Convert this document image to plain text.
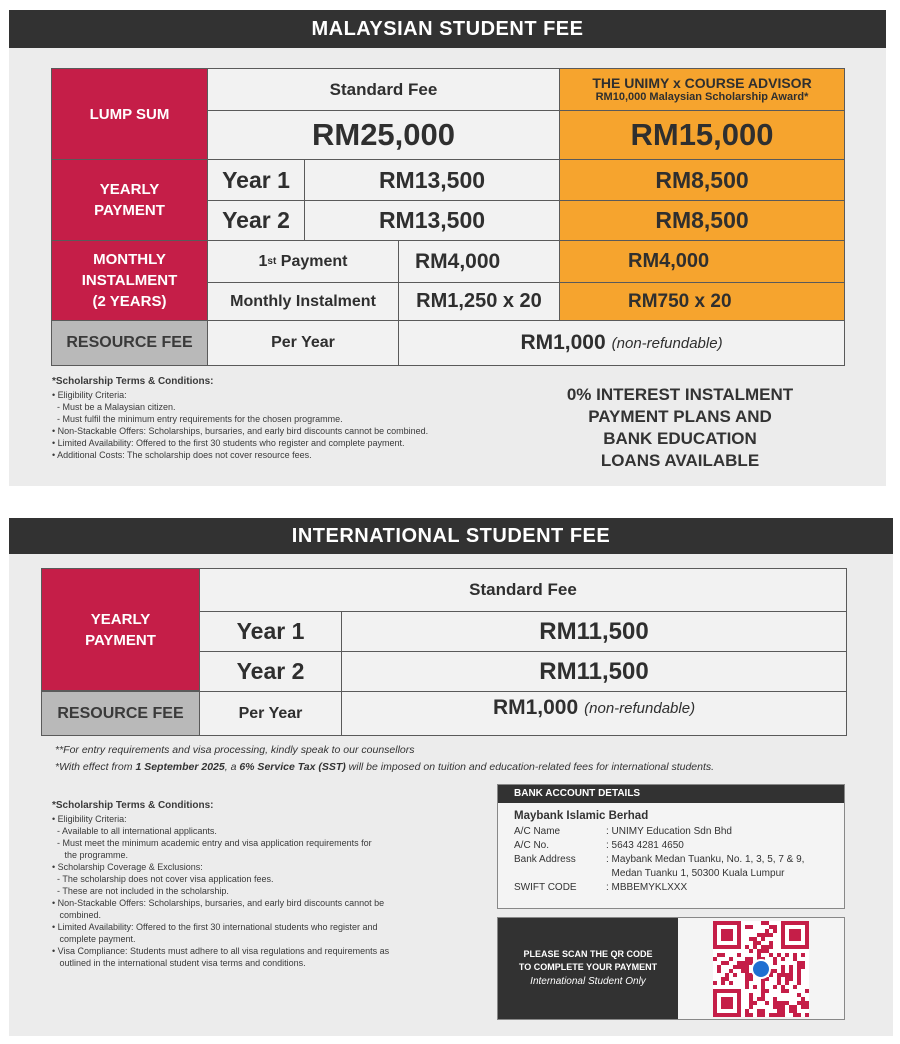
MALAYSIAN STUDENT FEE
LUMP SUM
Standard Fee	THE UNIMY x COURSE ADVISOR
RM10,000 Malaysian Scholarship Award*
RM25,000	RM15,000
YEARLY
PAYMENT
Year 1	RM13,500	RM8,500
Year 2	RM13,500	RM8,500
MONTHLY
INSTALMENT
(2 YEARS)
1 st Payment	RM4,000	RM4,000
Monthly Instalment	RM1,250 x 20	RM750 x 20
RESOURCE FEE	Per Year	RM1,000 (non-refundable)
*Scholarship Terms & Conditions:
• Eligibility Criteria:
- Must be a Malaysian citizen.
- Must fulfil the minimum entry requirements for the chosen programme.
• Non-Stackable Offers: Scholarships, bursaries, and early bird discounts cannot be combined.
• Limited Availability: Offered to the first 30 students who register and complete payment.
• Additional Costs: The scholarship does not cover resource fees.
0% INTEREST INSTALMENT
PAYMENT PLANS AND
BANK EDUCATION
LOANS AVAILABLE
INTERNATIONAL STUDENT FEE
YEARLY
PAYMENT
Standard Fee
Year 1	RM11,500
Year 2	RM11,500
RESOURCE FEE	Per Year	RM1,000 (non-refundable)
**For entry requirements and visa processing, kindly speak to our counsellors
*With effect from 1 September 2025, a 6% Service Tax (SST) will be imposed on tuition and education-related fees for international students.
*Scholarship Terms & Conditions:
• Eligibility Criteria:
- Available to all international applicants.
- Must meet the minimum academic entry and visa application requirements for
the programme.
• Scholarship Coverage & Exclusions:
- The scholarship does not cover visa application fees.
- These are not included in the scholarship.
• Non-Stackable Offers: Scholarships, bursaries, and early bird discounts cannot be
combined.
• Limited Availability: Offered to the first 30 international students who register and
complete payment.
• Visa Compliance: Students must adhere to all visa regulations and requirements as
outlined in the international student visa terms and conditions.
BANK ACCOUNT DETAILS
Maybank Islamic Berhad
A/C Name	: UNIMY Education Sdn Bhd
A/C No.	: 5643 4281 4650
Bank Address	: Maybank Medan Tuanku, No. 1, 3, 5, 7 & 9,
Medan Tuanku 1, 50300 Kuala Lumpur
SWIFT CODE	: MBBEMYKLXXX
PLEASE SCAN THE QR CODE
TO COMPLETE YOUR PAYMENT
International Student Only
